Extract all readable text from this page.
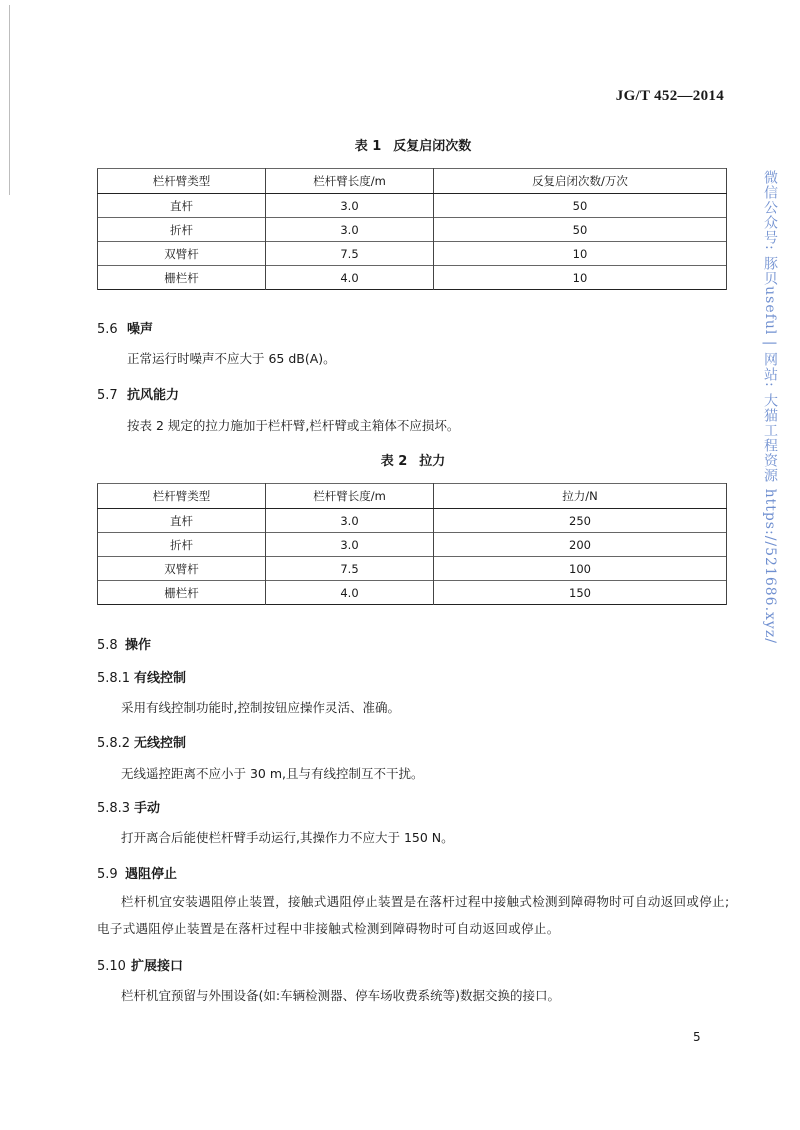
JG/T 452—2014
表 1 反复启闭次数
栏杆臂类型	栏杆臂长度/m	反复启闭次数/万次
直杆	3.0	50
折杆	3.0	50
双臂杆	7.5	10
栅栏杆	4.0	10
5.6 噪声
正常运行时噪声不应大于 65 dB(A)。
5.7 抗风能力
按表 2 规定的拉力施加于栏杆臂,栏杆臂或主箱体不应损坏。
表 2 拉力
栏杆臂类型	栏杆臂长度/m	拉力/N
直杆	3.0	250
折杆	3.0	200
双臂杆	7.5	100
栅栏杆	4.0	150
5.8 操作
5.8.1 有线控制
采用有线控制功能时,控制按钮应操作灵活、准确。
5.8.2 无线控制
无线遥控距离不应小于 30 m,且与有线控制互不干扰。
5.8.3 手动
打开离合后能使栏杆臂手动运行,其操作力不应大于 150 N。
5.9 遇阻停止
栏杆机宜安装遇阻停止装置，接触式遇阻停止装置是在落杆过程中接触式检测到障碍物时可自动返回或停止;电子式遇阻停止装置是在落杆过程中非接触式检测到障碍物时可自动返回或停止。
5.10 扩展接口
栏杆机宜预留与外围设备(如:车辆检测器、停车场收费系统等)数据交换的接口。
5
微信公众号: 豚贝useful | 网站: 大猫工程资源 https://521686.xyz/
